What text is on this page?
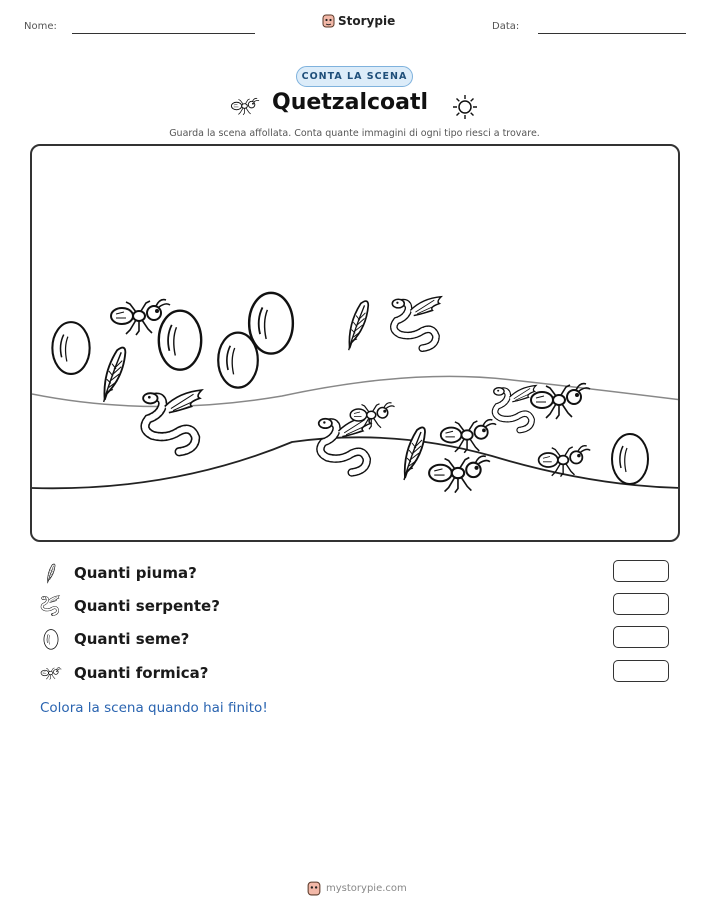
Nome:	Storypie	Data:
CONTA LA SCENA
Quetzalcoatl
Guarda la scena affollata. Conta quante immagini di ogni tipo riesci a trovare.
Quanti piuma?
Quanti serpente?
Quanti seme?
Quanti formica?
Colora la scena quando hai finito!
mystorypie.com
